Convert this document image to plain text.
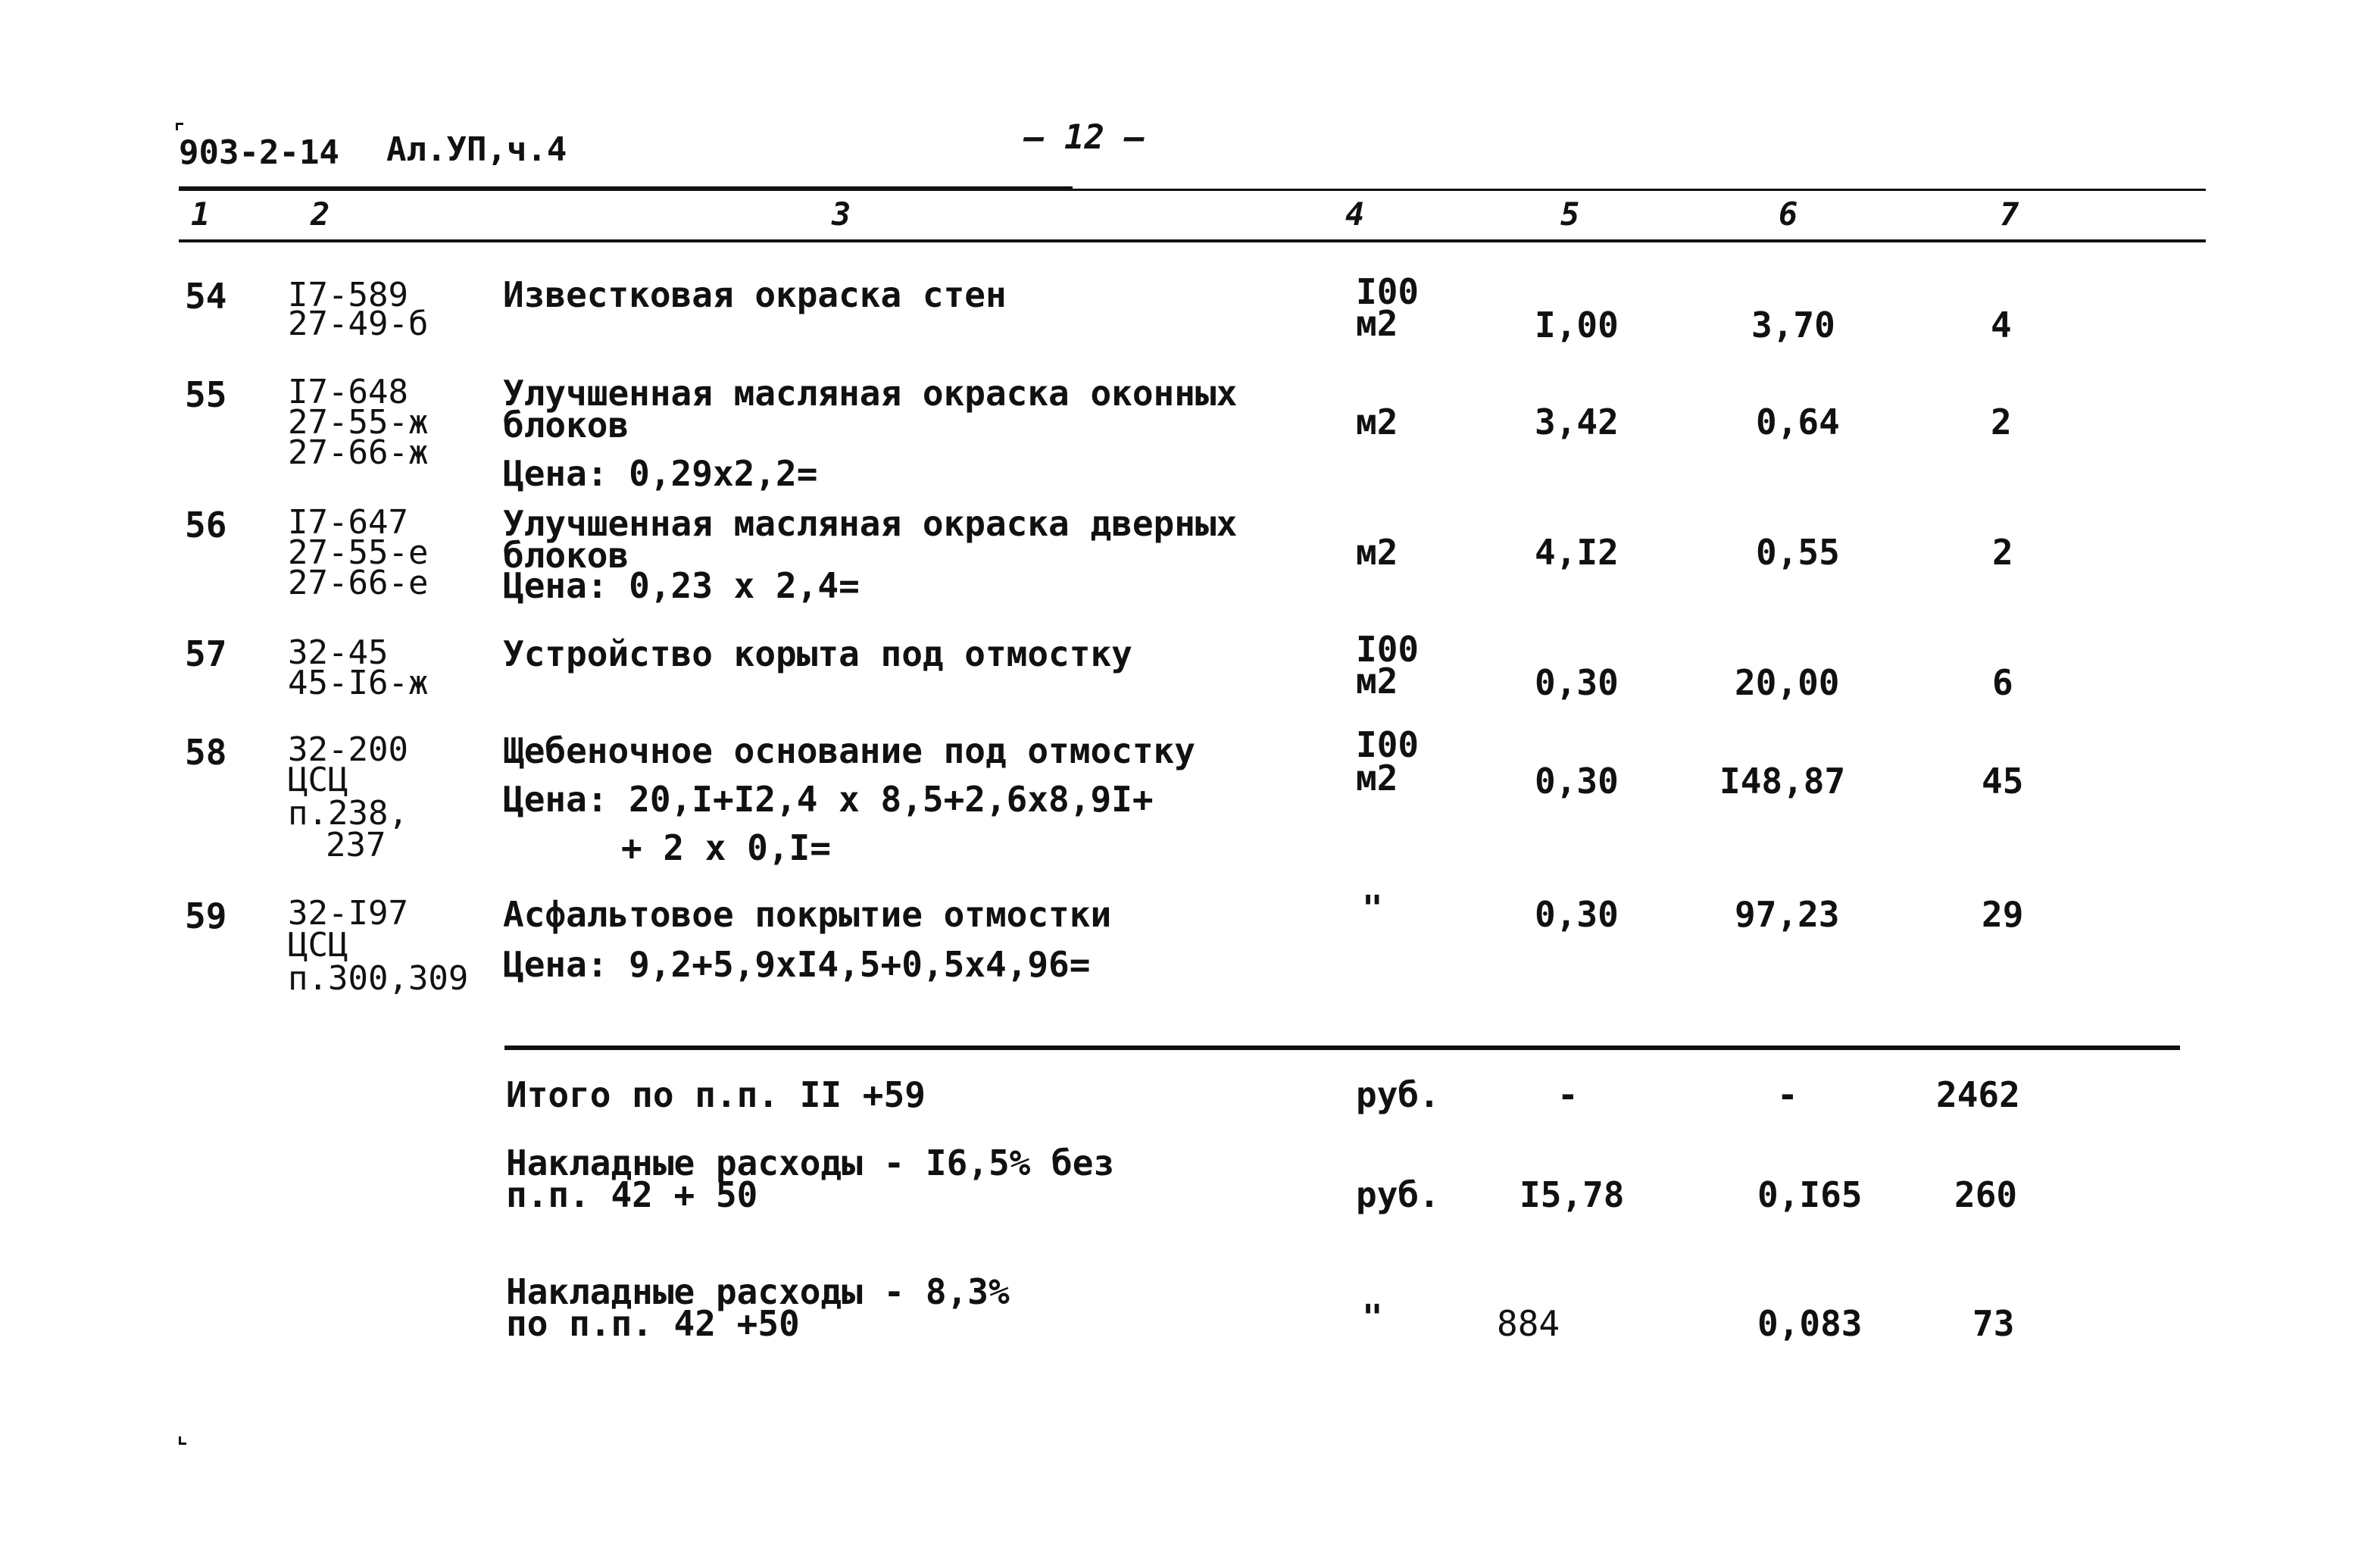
903-2-14 Ал.УП,ч.4	– 12 –
1	2	3	4	5	6	7
54 I7-589
27-49-б
Известковая окраска стен	I00
м2	I,00	3,70	4
55 I7-648
27-55-ж
27-66-ж
Улучшенная масляная окраска оконных
блоков
Цена: 0,29х2,2=
м2	3,42	0,64	2
56 I7-647
27-55-е
27-66-е
Улучшенная масляная окраска дверных
блоков
Цена: 0,23 х 2,4=
м2	4,I2	0,55	2
57 32-45
45-I6-ж
Устройство корыта под отмостку	I00
м2	0,30	20,00	6
58 32-200
ЦСЦ
п.238,
237
Щебеночное основание под отмостку
Цена: 20,I+I2,4 х 8,5+2,6х8,9I+
+ 2 х 0,I=
I00
м2	0,30	I48,87	45
59 32-I97
ЦСЦ
п.300,309
Асфальтовое покрытие отмостки
Цена: 9,2+5,9хI4,5+0,5х4,96=
"	0,30	97,23	29
Итого по п.п. II +59	руб.	-	-	2462
Накладные расходы - I6,5% без
п.п. 42 + 50	руб. I5,78	0,I65	260
Накладные расходы - 8,3%
по п.п. 42 +50	"	884	0,083	73
